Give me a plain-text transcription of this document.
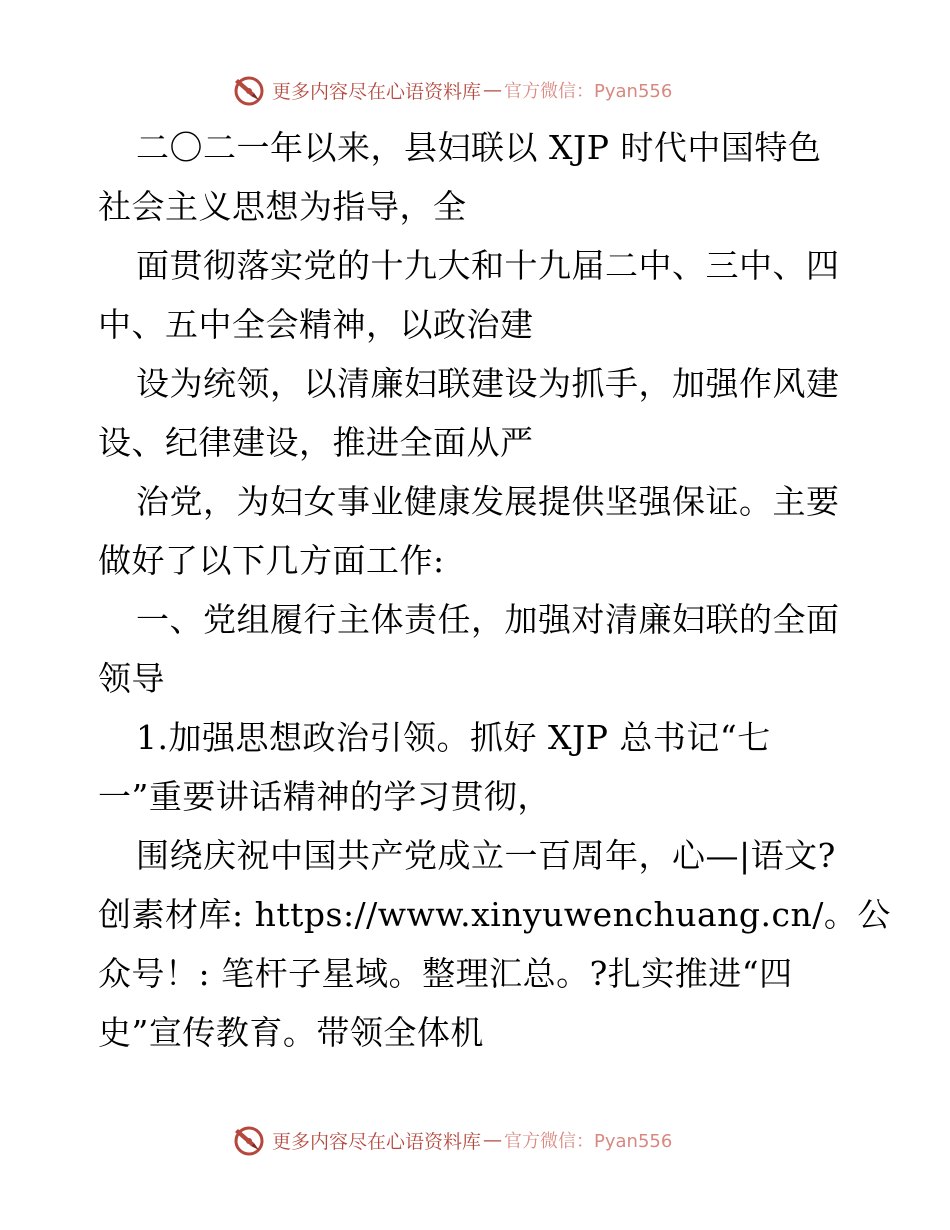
更多内容尽在心语资料库 — 官方微信：Pyan556
二〇二一年以来，县妇联以 XJP 时代中国特色
社会主义思想为指导，全
面贯彻落实党的十九大和十九届二中、三中、四
中、五中全会精神，以政治建
设为统领，以清廉妇联建设为抓手，加强作风建
设、纪律建设，推进全面从严
治党，为妇女事业健康发展提供坚强保证。主要
做好了以下几方面工作:
一、党组履行主体责任，加强对清廉妇联的全面
领导
1.加强思想政治引领。抓好 XJP 总书记“七
一”重要讲话精神的学习贯彻，
围绕庆祝中国共产党成立一百周年，心—|语文?
创素材库: https://www.xinyuwenchuang.cn/。公
众号！: 笔杆子星域。整理汇总。?扎实推进“四
史”宣传教育。带领全体机
更多内容尽在心语资料库 — 官方微信：Pyan556
